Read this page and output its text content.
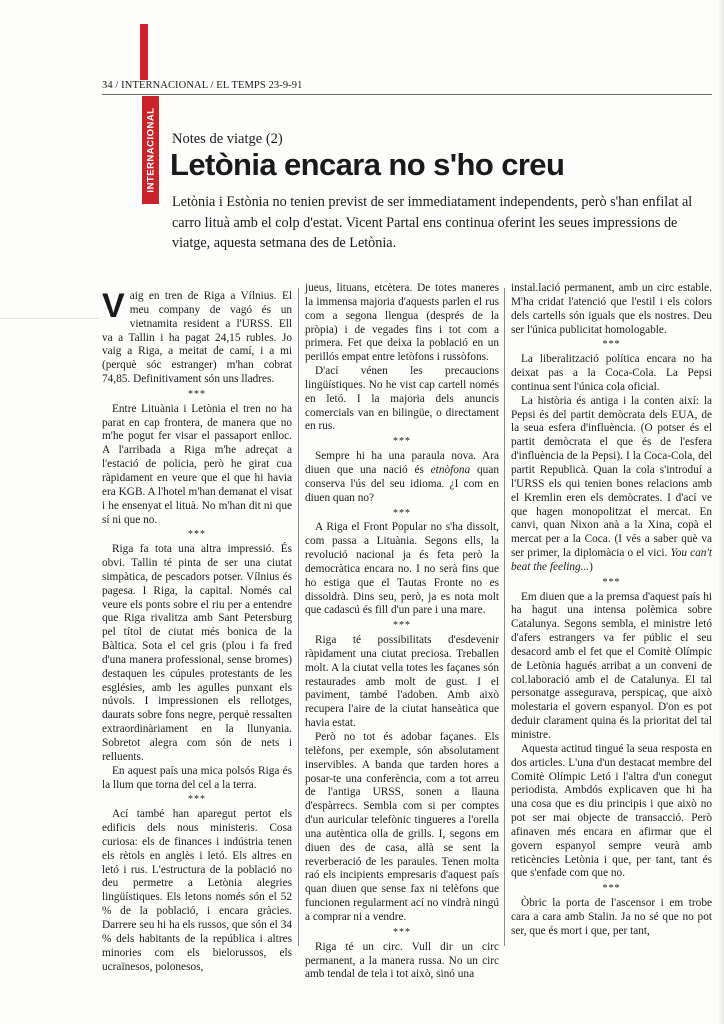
34 / INTERNACIONAL / EL TEMPS 23-9-91
INTERNACIONAL Notes de viatge (2)
Letònia encara no s'ho creu

Letònia i Estònia no tenien previst de ser immediatament independents, però s'han enfilat al carro lituà amb el colp d'estat. Vicent Partal ens continua oferint les seues impressions de viatge, aquesta setmana des de Letònia.

Vaig en tren de Riga a Vílnius. El meu company de vagó és un vietnamita resident a l'URSS. Ell va a Tallin i ha pagat 24,15 rubles. Jo vaig a Riga, a meitat de camí, i a mi (perquè sóc estranger) m'han cobrat 74,85. Definitivament són uns lladres.

***

Entre Lituània i Letònia el tren no ha parat en cap frontera, de manera que no m'he pogut fer visar el passaport enlloc. A l'arribada a Riga m'he adreçat a l'estació de policia, però he girat cua ràpidament en veure que el que hi havia era KGB. A l'hotel m'han demanat el visat i he ensenyat el lituà. No m'han dit ni que sí ni que no.

***

Riga fa tota una altra impressió. És obvi. Tallin té pinta de ser una ciutat simpàtica, de pescadors potser. Vílnius és pagesa. I Riga, la capital. Només cal veure els ponts sobre el riu per a entendre que Riga rivalitza amb Sant Petersburg pel títol de ciutat més bonica de la Bàltica. Sota el cel gris (plou i fa fred d'una manera professional, sense bromes) destaquen les cúpules protestants de les esglésies, amb les agulles punxant els núvols. I impressionen els rellotges, daurats sobre fons negre, perquè ressalten extraordinàriament en la llunyania. Sobretot alegra com són de nets i relluents.

En aquest país una mica polsós Riga és la llum que torna del cel a la terra.

***

Ací també han aparegut pertot els edificis dels nous ministeris. Cosa curiosa: els de finances i indústria tenen els rètols en anglès i letó. Els altres en letó i rus. L'estructura de la població no deu permetre a Letònia alegries lingüístiques. Els letons només són el 52 % de la població, i encara gràcies. Darrere seu hi ha els russos, que són el 34 % dels habitants de la república i altres minories com els bielorussos, els ucraïnesos, polonesos,

jueus, lituans, etcètera. De totes maneres la immensa majoria d'aquests parlen el rus com a segona llengua (després de la pròpia) i de vegades fins i tot com a primera. Fet que deixa la població en un perillós empat entre letòfons i russòfons.

D'ací vénen les precaucions lingüístiques. No he vist cap cartell només en letó. I la majoria dels anuncis comercials van en bilingüe, o directament en rus.

***

Sempre hi ha una paraula nova. Ara diuen que una nació és etnòfona quan conserva l'ús del seu idioma. ¿I com en diuen quan no?

***

A Riga el Front Popular no s'ha dissolt, com passa a Lituània. Segons ells, la revolució nacional ja és feta però la democràtica encara no. I no serà fins que ho estiga que el Tautas Fronte no es dissoldrà. Dins seu, però, ja es nota molt que cadascú és fill d'un pare i una mare.

***

Riga té possibilitats d'esdevenir ràpidament una ciutat preciosa. Treballen molt. A la ciutat vella totes les façanes són restaurades amb molt de gust. I el paviment, també l'adoben. Amb això recupera l'aire de la ciutat hanseàtica que havia estat.

Però no tot és adobar façanes. Els telèfons, per exemple, són absolutament inservibles. A banda que tarden hores a posar-te una conferència, com a tot arreu de l'antiga URSS, sonen a llauna d'espàrrecs. Sembla com si per comptes d'un auricular telefònic tingueres a l'orella una autèntica olla de grills. I, segons em diuen des de casa, allà se sent la reverberació de les paraules. Tenen molta raó els incipients empresaris d'aquest país quan diuen que sense fax ni telèfons que funcionen regularment ací no vindrà ningú a comprar ni a vendre.

***

Riga té un circ. Vull dir un circ permanent, a la manera russa. No un circ amb tendal de tela i tot això, sinó una

instal.lació permanent, amb un circ estable. M'ha cridat l'atenció que l'estil i els colors dels cartells són iguals que els nostres. Deu ser l'única publicitat homologable.

***

La liberalització política encara no ha deixat pas a la Coca-Cola. La Pepsi continua sent l'única cola oficial.

La història és antiga i la conten així: la Pepsi és del partit demòcrata dels EUA, de la seua esfera d'influència. (O potser és el partit demòcrata el que és de l'esfera d'influència de la Pepsi). I la Coca-Cola, del partit Republicà. Quan la cola s'introduí a l'URSS els qui tenien bones relacions amb el Kremlin eren els demòcrates. I d'ací ve que hagen monopolitzat el mercat. En canvi, quan Nixon anà a la Xina, copà el mercat per a la Coca. (I vés a saber què va ser primer, la diplomàcia o el vici. You can't beat the feeling...)

***

Em diuen que a la premsa d'aquest país hi ha hagut una intensa polèmica sobre Catalunya. Segons sembla, el ministre letó d'afers estrangers va fer públic el seu desacord amb el fet que el Comitè Olímpic de Letònia hagués arribat a un conveni de col.laboració amb el de Catalunya. El tal personatge assegurava, perspicaç, que això molestaria el govern espanyol. D'on es pot deduir clarament quina és la prioritat del tal ministre.

Aquesta actitud tingué la seua resposta en dos articles. L'una d'un destacat membre del Comitè Olímpic Letó i l'altra d'un conegut periodista. Ambdós explicaven que hi ha una cosa que es diu principis i que això no pot ser mai objecte de transacció. Però afinaven més encara en afirmar que el govern espanyol sempre veurà amb reticències Letònia i que, per tant, tant és que s'enfade com que no.

***

Òbric la porta de l'ascensor i em trobe cara a cara amb Stalin. Ja no sé que no pot ser, que és mort i que, per tant,
